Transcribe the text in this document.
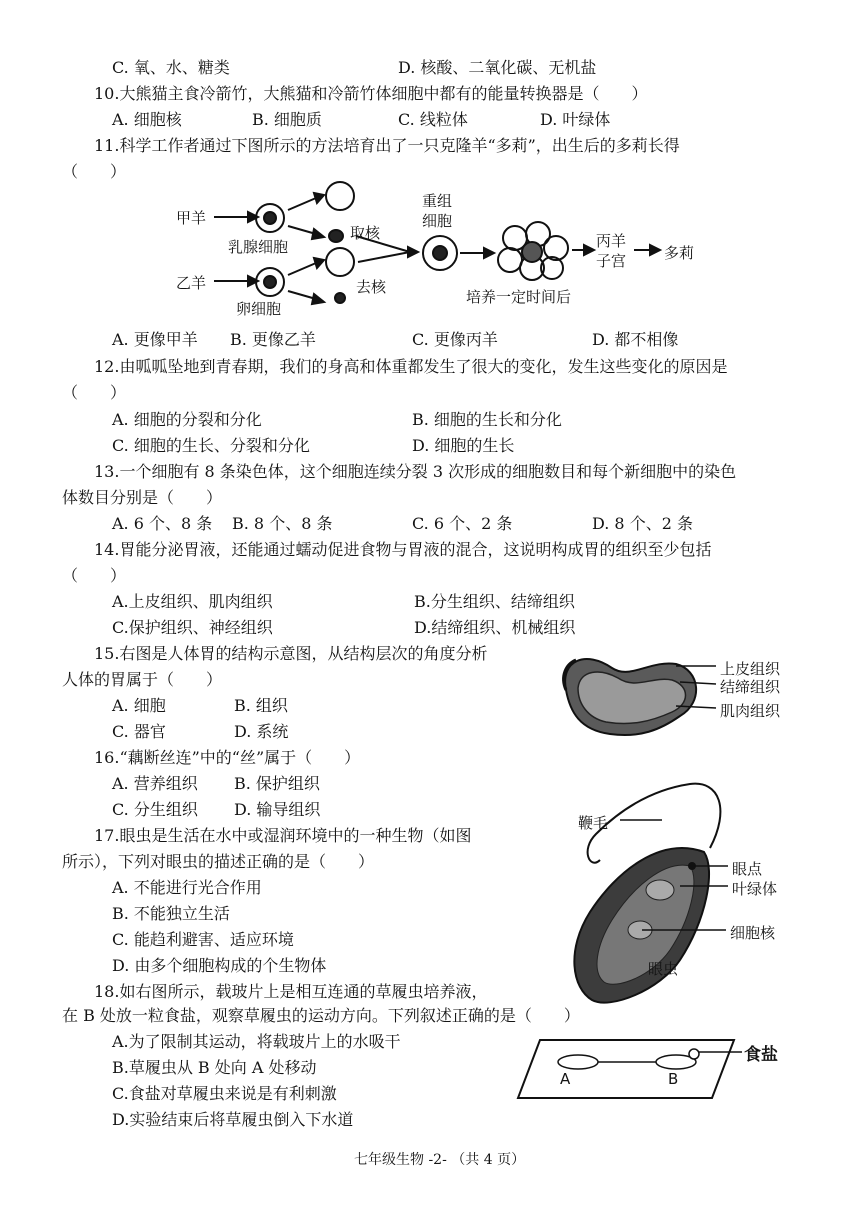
C. 氧、水、糖类	D. 核酸、二氧化碳、无机盐
10.大熊猫主食冷箭竹，大熊猫和冷箭竹体细胞中都有的能量转换器是（　　）
A. 细胞核	B. 细胞质	C. 线粒体	D. 叶绿体
11.科学工作者通过下图所示的方法培育出了一只克隆羊“多莉”，出生后的多莉长得
（　　）
甲羊
乳腺细胞
取核
乙羊
卵细胞
去核
重组
细胞
培养一定时间后
丙羊
子宫	多莉
A. 更像甲羊 B. 更像乙羊	C. 更像丙羊	D. 都不相像
12.由呱呱坠地到青春期，我们的身高和体重都发生了很大的变化，发生这些变化的原因是
（　　）
A. 细胞的分裂和分化	B. 细胞的生长和分化
C. 细胞的生长、分裂和分化	D. 细胞的生长
13.一个细胞有 8 条染色体，这个细胞连续分裂 3 次形成的细胞数目和每个新细胞中的染色
体数目分别是（　　）
A. 6 个、8 条 B. 8 个、8 条	C. 6 个、2 条	D. 8 个、2 条
14.胃能分泌胃液，还能通过蠕动促进食物与胃液的混合，这说明构成胃的组织至少包括
（　　）
A.上皮组织、肌肉组织	B.分生组织、结缔组织
C.保护组织、神经组织	D.结缔组织、机械组织
15.右图是人体胃的结构示意图，从结构层次的角度分析
人体的胃属于（　　）
A. 细胞	B. 组织
C. 器官	D. 系统
上皮组织
结缔组织
肌肉组织
16.“藕断丝连”中的“丝”属于（　　）
A. 营养组织 B. 保护组织
C. 分生组织 D. 输导组织
17.眼虫是生活在水中或湿润环境中的一种生物（如图
所示），下列对眼虫的描述正确的是（　　）
A. 不能进行光合作用
B. 不能独立生活
C. 能趋利避害、适应环境
D. 由多个细胞构成的个生物体
鞭毛
眼点
叶绿体
细胞核
眼虫
18.如右图所示，载玻片上是相互连通的草履虫培养液，
在 B 处放一粒食盐，观察草履虫的运动方向。下列叙述正确的是（　　）
A.为了限制其运动，将载玻片上的水吸干
B.草履虫从 B 处向 A 处移动
C.食盐对草履虫来说是有利刺激
D.实验结束后将草履虫倒入下水道
食盐
A	B
七年级生物 -2- （共 4 页）
